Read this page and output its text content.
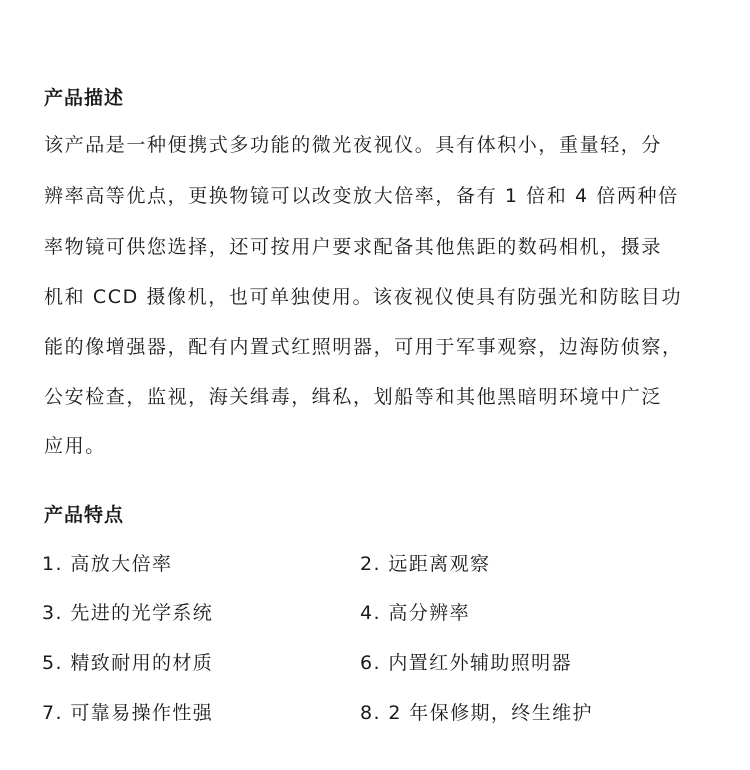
产品描述

该产品是一种便携式多功能的微光夜视仪。具有体积小，重量轻，分

辨率高等优点，更换物镜可以改变放大倍率，备有 1 倍和 4 倍两种倍

率物镜可供您选择，还可按用户要求配备其他焦距的数码相机，摄录

机和 CCD 摄像机，也可单独使用。该夜视仪使具有防强光和防眩目功

能的像增强器，配有内置式红照明器，可用于军事观察，边海防侦察，

公安检查，监视，海关缉毒，缉私，划船等和其他黑暗明环境中广泛

应用。

产品特点

1. 高放大倍率	2. 远距离观察

3. 先进的光学系统	4. 高分辨率

5. 精致耐用的材质	6. 内置红外辅助照明器

7. 可靠易操作性强	8. 2 年保修期，终生维护
